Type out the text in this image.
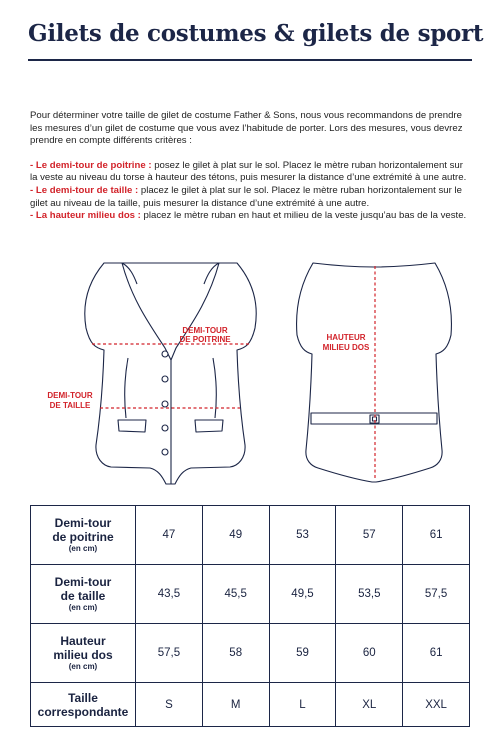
Gilets de costumes & gilets de sport

Pour déterminer votre taille de gilet de costume Father & Sons, nous vous recommandons de prendre les mesures d’un gilet de costume que vous avez l’habitude de porter. Lors des mesures, vous devrez prendre en compte différents critères :

- Le demi-tour de poitrine : posez le gilet à plat sur le sol. Placez le mètre ruban horizontalement sur la veste au niveau du torse à hauteur des tétons, puis mesurer la distance d’une extrémité à une autre.

- Le demi-tour de taille : placez le gilet à plat sur le sol. Placez le mètre ruban horizontalement sur le gilet au niveau de la taille, puis mesurer la distance d’une extrémité à une autre.

- La hauteur milieu dos : placez le mètre ruban en haut et milieu de la veste jusqu’au bas de la veste.

DEMI-TOUR
DE POITRINE
DEMI-TOUR
DE TAILLE
HAUTEUR
MILIEU DOS
Demi-tour
de poitrine
(en cm)	47	49	53	57	61

Demi-tour
de taille
(en cm)	43,5	45,5	49,5	53,5	57,5

Hauteur
milieu dos
(en cm)	57,5	58	59	60	61

Taille
correspondante	S	M	L	XL	XXL
